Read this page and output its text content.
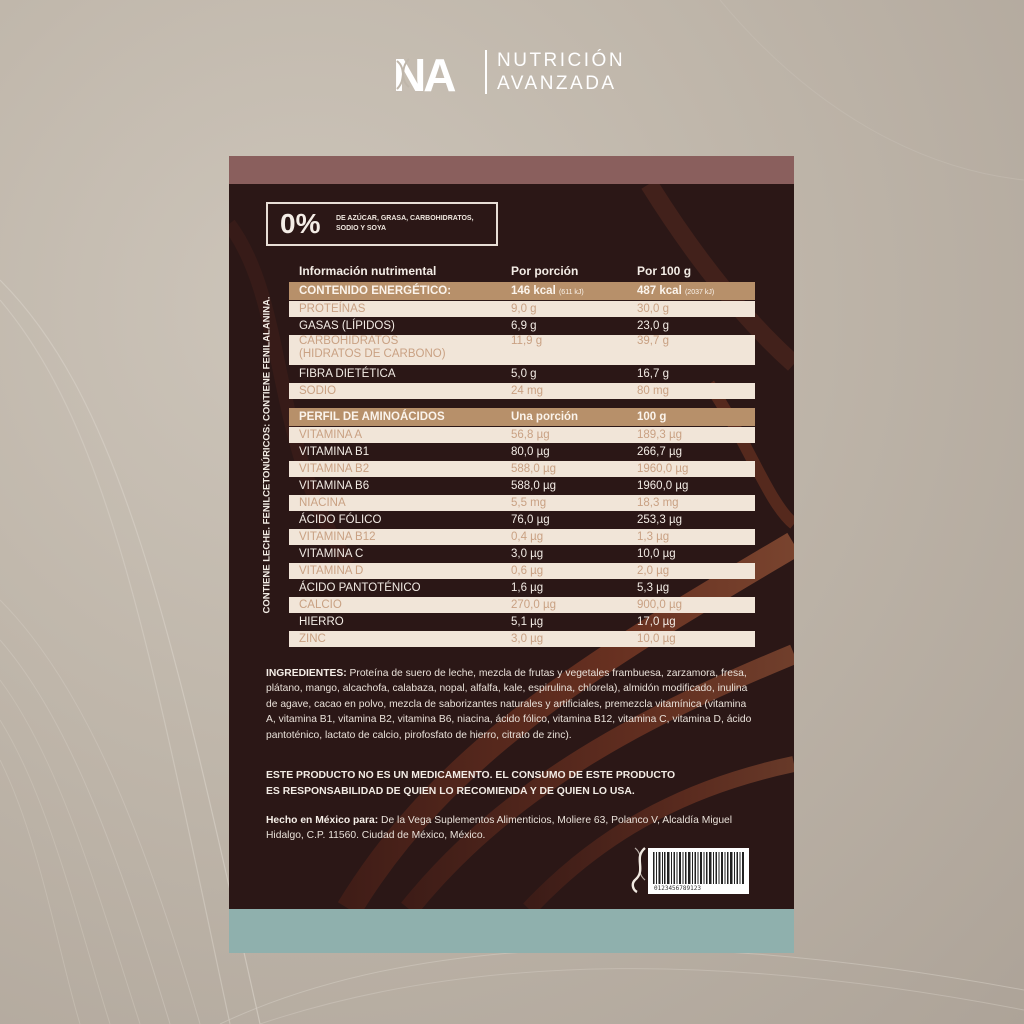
NA NUTRICIÓN
AVANZADA
0%	DE AZÚCAR, GRASA, CARBOHIDRATOS, SODIO Y SOYA
CONTIENE LECHE. FENILCETONÚRICOS: CONTIENE FENILALANINA.
Información nutrimental	Por porción	Por 100 g
CONTENIDO ENERGÉTICO:	146 kcal (611 kJ)	487 kcal (2037 kJ)
PROTEÍNAS	9,0 g	30,0 g
GASAS (LÍPIDOS)	6,9 g	23,0 g
CARBOHIDRATOS
(HIDRATOS DE CARBONO)
11,9 g	39,7 g
FIBRA DIETÉTICA	5,0 g	16,7 g
SODIO	24 mg	80 mg
PERFIL DE AMINOÁCIDOS	Una porción	100 g
VITAMINA A	56,8 µg	189,3 µg
VITAMINA B1	80,0 µg	266,7 µg
VITAMINA B2	588,0 µg	1960,0 µg
VITAMINA B6	588,0 µg	1960,0 µg
NIACINA	5,5 mg	18,3 mg
ÁCIDO FÓLICO	76,0 µg	253,3 µg
VITAMINA B12	0,4 µg	1,3 µg
VITAMINA C	3,0 µg	10,0 µg
VITAMINA D	0,6 µg	2,0 µg
ÁCIDO PANTOTÉNICO	1,6 µg	5,3 µg
CALCIO	270,0 µg	900,0 µg
HIERRO	5,1 µg	17,0 µg
ZINC	3,0 µg	10,0 µg
INGREDIENTES: Proteína de suero de leche, mezcla de frutas y vegetales frambuesa, zarzamora, fresa, plátano, mango, alcachofa, calabaza, nopal, alfalfa, kale, espirulina, chlorela), almidón modificado, inulina de agave, cacao en polvo, mezcla de saborizantes naturales y artificiales, premezcla vitamínica (vitamina A, vitamina B1, vitamina B2, vitamina B6, niacina, ácido fólico, vitamina B12, vitamina C, vitamina D, ácido pantoténico, lactato de calcio, pirofosfato de hierro, citrato de zinc).
ESTE PRODUCTO NO ES UN MEDICAMENTO. EL CONSUMO DE ESTE PRODUCTO
ES RESPONSABILIDAD DE QUIEN LO RECOMIENDA Y DE QUIEN LO USA.
Hecho en México para: De la Vega Suplementos Alimenticios, Moliere 63, Polanco V, Alcaldía Miguel Hidalgo, C.P. 11560. Ciudad de México, México.
0123456789123
